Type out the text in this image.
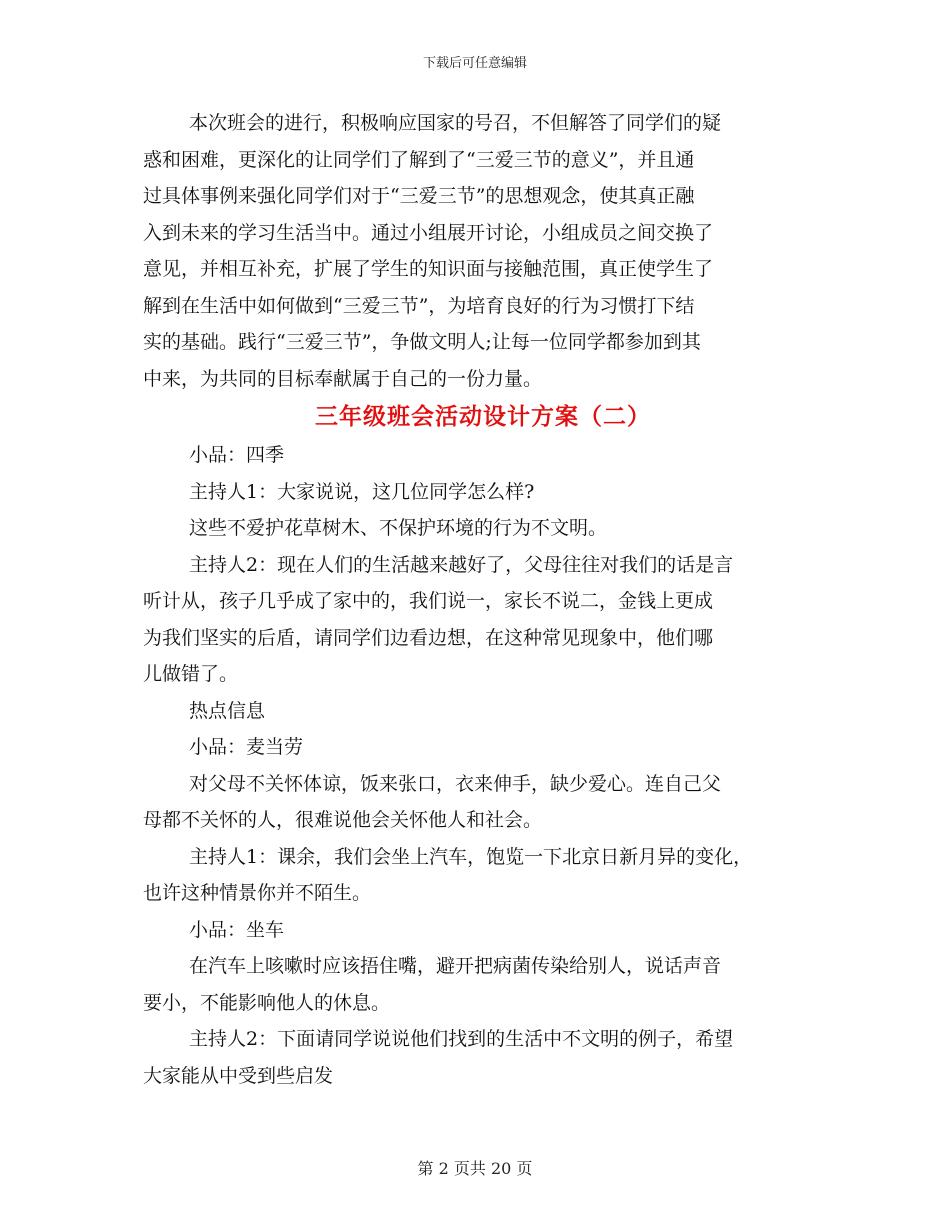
下载后可任意编辑
本次班会的进行，积极响应国家的号召，不但解答了同学们的疑
惑和困难，更深化的让同学们了解到了“三爱三节的意义”，并且通
过具体事例来强化同学们对于“三爱三节”的思想观念，使其真正融
入到未来的学习生活当中。通过小组展开讨论，小组成员之间交换了
意见，并相互补充，扩展了学生的知识面与接触范围，真正使学生了
解到在生活中如何做到“三爱三节”，为培育良好的行为习惯打下结
实的基础。践行“三爱三节”，争做文明人;让每一位同学都参加到其
中来，为共同的目标奉献属于自己的一份力量。
三年级班会活动设计方案（二）
小品：四季
主持人1：大家说说，这几位同学怎么样?
这些不爱护花草树木、不保护环境的行为不文明。
主持人2：现在人们的生活越来越好了，父母往往对我们的话是言
听计从，孩子几乎成了家中的，我们说一，家长不说二，金钱上更成
为我们坚实的后盾，请同学们边看边想，在这种常见现象中，他们哪
儿做错了。
热点信息
小品：麦当劳
对父母不关怀体谅，饭来张口，衣来伸手，缺少爱心。连自己父
母都不关怀的人，很难说他会关怀他人和社会。
主持人1：课余，我们会坐上汽车，饱览一下北京日新月异的变化，
也许这种情景你并不陌生。
小品：坐车
在汽车上咳嗽时应该捂住嘴，避开把病菌传染给别人，说话声音
要小，不能影响他人的休息。
主持人2：下面请同学说说他们找到的生活中不文明的例子，希望
大家能从中受到些启发
第 2 页共 20 页
